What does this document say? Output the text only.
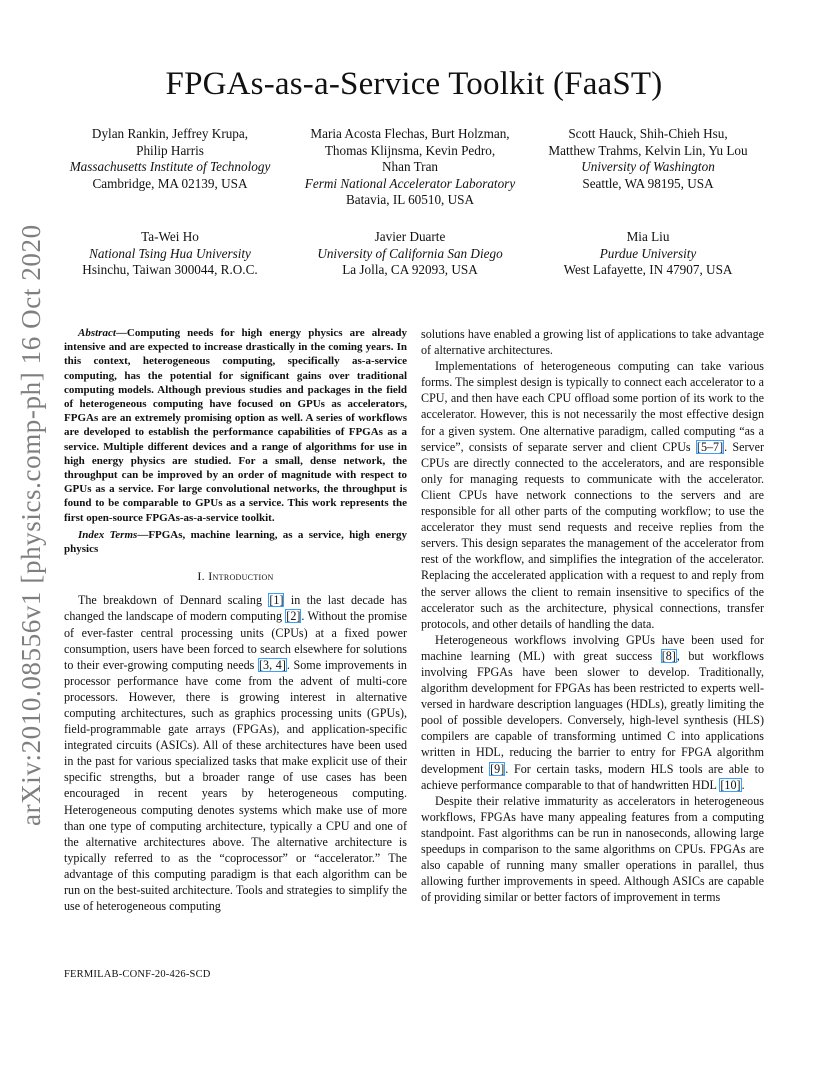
FPGAs-as-a-Service Toolkit (FaaST)
Dylan Rankin, Jeffrey Krupa,
Philip Harris
Massachusetts Institute of Technology
Cambridge, MA 02139, USA
Maria Acosta Flechas, Burt Holzman,
Thomas Klijnsma, Kevin Pedro,
Nhan Tran
Fermi National Accelerator Laboratory
Batavia, IL 60510, USA
Scott Hauck, Shih-Chieh Hsu,
Matthew Trahms, Kelvin Lin, Yu Lou
University of Washington
Seattle, WA 98195, USA
Ta-Wei Ho
National Tsing Hua University
Hsinchu, Taiwan 300044, R.O.C.
Javier Duarte
University of California San Diego
La Jolla, CA 92093, USA
Mia Liu
Purdue University
West Lafayette, IN 47907, USA
arXiv:2010.08556v1 [physics.comp-ph] 16 Oct 2020	Abstract—Computing needs for high energy physics are already intensive and are expected to increase drastically in the coming years. In this context, heterogeneous computing, specifically as-a-service computing, has the potential for significant gains over traditional computing models. Although previous studies and packages in the field of heterogeneous computing have focused on GPUs as accelerators, FPGAs are an extremely promising option as well. A series of workflows are developed to establish the performance capabilities of FPGAs as a service. Multiple different devices and a range of algorithms for use in high energy physics are studied. For a small, dense network, the throughput can be improved by an order of magnitude with respect to GPUs as a service. For large convolutional networks, the throughput is found to be comparable to GPUs as a service. This work represents the first open-source FPGAs-as-a-service toolkit.

Index Terms—FPGAs, machine learning, as a service, high energy physics

I. Introduction

The breakdown of Dennard scaling [1] in the last decade has changed the landscape of modern computing [2]. Without the promise of ever-faster central processing units (CPUs) at a fixed power consumption, users have been forced to search elsewhere for solutions to their ever-growing computing needs [3, 4]. Some improvements in processor performance have come from the advent of multi-core processors. However, there is growing interest in alternative computing architectures, such as graphics processing units (GPUs), field-programmable gate arrays (FPGAs), and application-specific integrated circuits (ASICs). All of these architectures have been used in the past for various specialized tasks that make explicit use of their specific strengths, but a broader range of use cases has been encouraged in recent years by heterogeneous computing. Heterogeneous computing denotes systems which make use of more than one type of computing architecture, typically a CPU and one of the alternative architectures above. The alternative architecture is typically referred to as the “coprocessor” or “accelerator.” The advantage of this computing paradigm is that each algorithm can be run on the best-suited architecture. Tools and strategies to simplify the use of heterogeneous computing

solutions have enabled a growing list of applications to take advantage of alternative architectures.

Implementations of heterogeneous computing can take various forms. The simplest design is typically to connect each accelerator to a CPU, and then have each CPU offload some portion of its work to the accelerator. However, this is not necessarily the most effective design for a given system. One alternative paradigm, called computing “as a service”, consists of separate server and client CPUs [5–7]. Server CPUs are directly connected to the accelerators, and are responsible only for managing requests to communicate with the accelerator. Client CPUs have network connections to the servers and are responsible for all other parts of the computing workflow; to use the accelerator they must send requests and receive replies from the servers. This design separates the management of the accelerator from rest of the workflow, and simplifies the integration of the accelerator. Replacing the accelerated application with a request to and reply from the server allows the client to remain insensitive to specifics of the accelerator such as the architecture, physical connections, transfer protocols, and other details of handling the data.

Heterogeneous workflows involving GPUs have been used for machine learning (ML) with great success [8], but workflows involving FPGAs have been slower to develop. Traditionally, algorithm development for FPGAs has been restricted to experts well-versed in hardware description languages (HDLs), greatly limiting the pool of possible developers. Conversely, high-level synthesis (HLS) compilers are capable of transforming untimed C into applications written in HDL, reducing the barrier to entry for FPGA algorithm development [9]. For certain tasks, modern HLS tools are able to achieve performance comparable to that of handwritten HDL [10].

Despite their relative immaturity as accelerators in heterogeneous workflows, FPGAs have many appealing features from a computing standpoint. Fast algorithms can be run in nanoseconds, allowing large speedups in comparison to the same algorithms on CPUs. FPGAs are also capable of running many smaller operations in parallel, thus allowing further improvements in speed. Although ASICs are capable of providing similar or better factors of improvement in terms

FERMILAB-CONF-20-426-SCD
